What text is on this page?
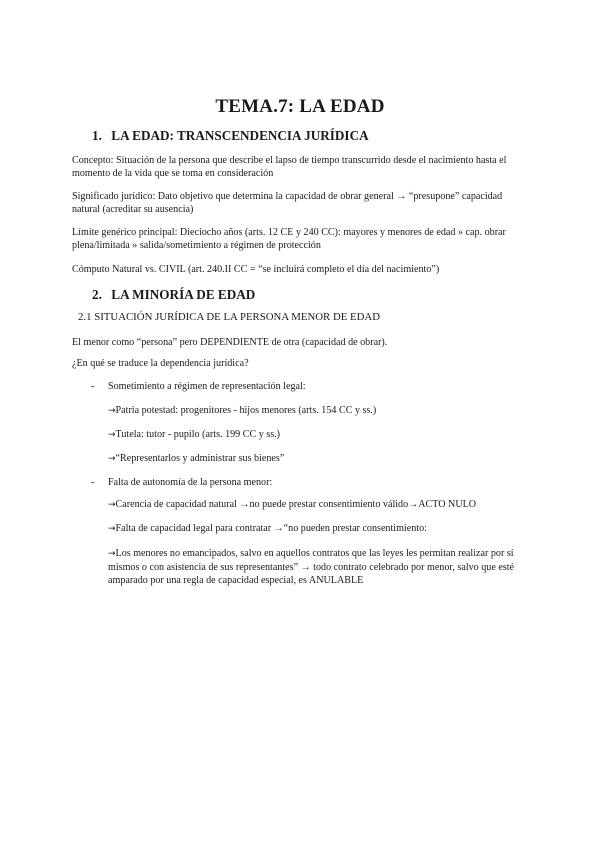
TEMA.7: LA EDAD
1. LA EDAD: TRANSCENDENCIA JURÍDICA
Concepto: Situación de la persona que describe el lapso de tiempo transcurrido desde el nacimiento hasta el momento de la vida que se toma en consideración
Significado jurídico: Dato objetivo que determina la capacidad de obrar general → “presupone” capacidad natural (acreditar su ausencia)
Límite genérico principal: Dieciocho años (arts. 12 CE y 240 CC): mayores y menores de edad » cap. obrar plena/limitada » salida/sometimiento a régimen de protección
Cómputo Natural vs. CIVIL (art. 240.II CC = “se incluirá completo el día del nacimiento”)
2. LA MINORÍA DE EDAD
2.1 SITUACIÓN JURÍDICA DE LA PERSONA MENOR DE EDAD
El menor como “persona” pero DEPENDIENTE de otra (capacidad de obrar).
¿En qué se traduce la dependencia jurídica?
- Sometimiento a régimen de representación legal:
→Patria potestad: progenitores - hijos menores (arts. 154 CC y ss.)
→Tutela: tutor - pupilo (arts. 199 CC y ss.)
→“Representarlos y administrar sus bienes”
- Falta de autonomía de la persona menor:
→Carencia de capacidad natural →no puede prestar consentimiento válido→ACTO NULO
→Falta de capacidad legal para contratar →“no pueden prestar consentimiento:
→Los menores no emancipados, salvo en aquellos contratos que las leyes les permitan realizar por sí mismos o con asistencia de sus representantes” → todo contrato celebrado por menor, salvo que esté amparado por una regla de capacidad especial, es ANULABLE
